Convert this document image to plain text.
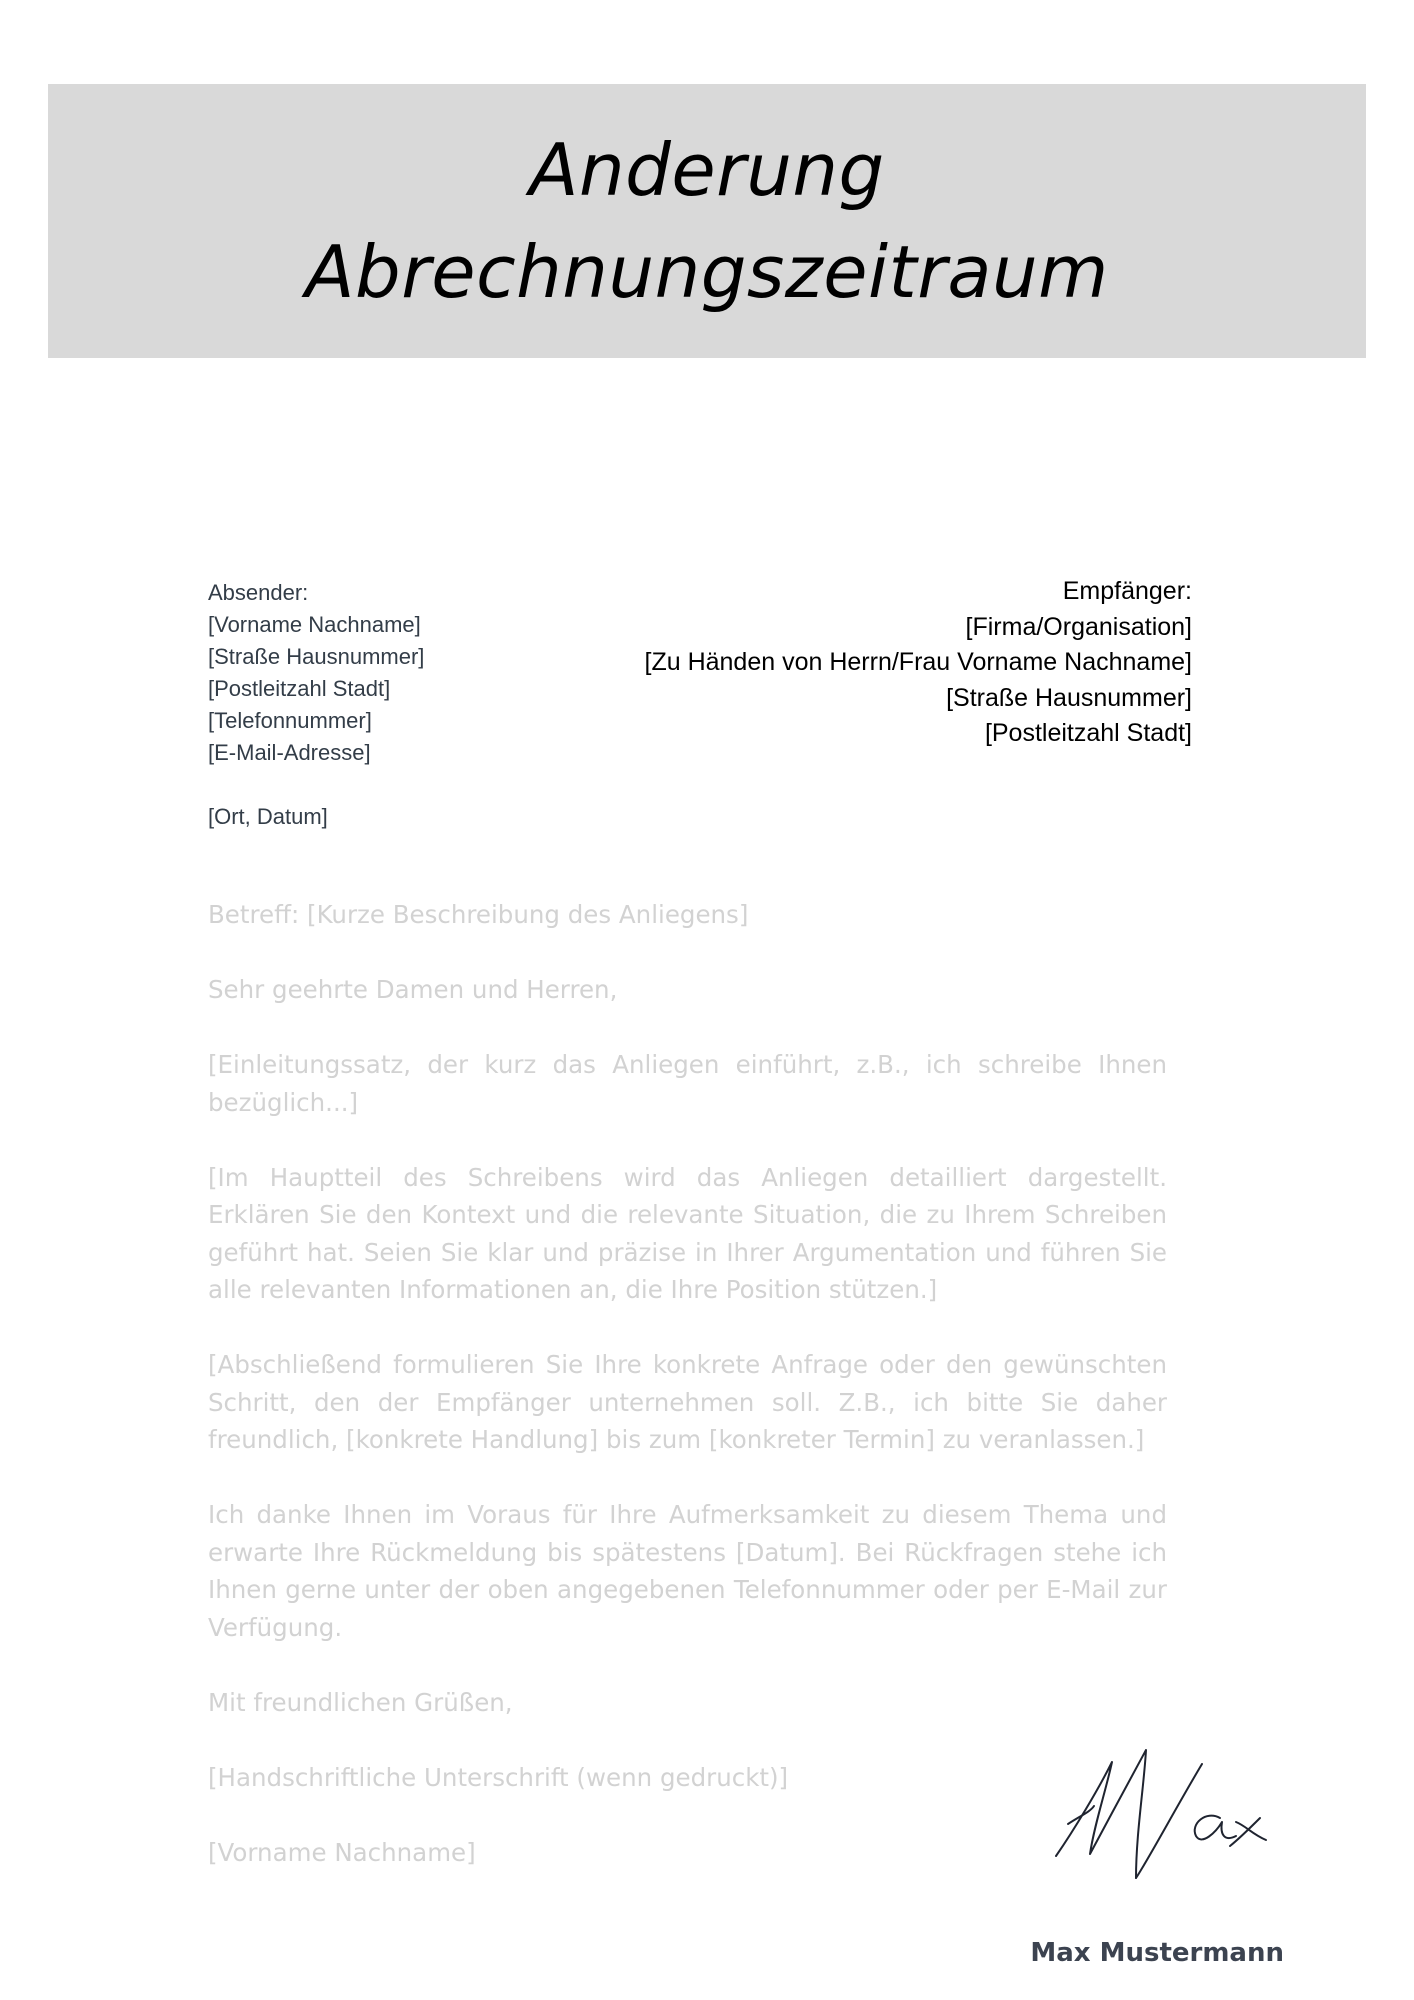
Anderung
Abrechnungszeitraum
Absender:
[Vorname Nachname]
[Straße Hausnummer]
[Postleitzahl Stadt]
[Telefonnummer]
[E-Mail-Adresse]
[Ort, Datum]
Empfänger:
[Firma/Organisation]
[Zu Händen von Herrn/Frau Vorname Nachname]
[Straße Hausnummer]
[Postleitzahl Stadt]

Betreff: [Kurze Beschreibung des Anliegens]

Sehr geehrte Damen und Herren,

[Einleitungssatz, der kurz das Anliegen einführt, z.B., ich schreibe Ihnen bezüglich...]

[Im Hauptteil des Schreibens wird das Anliegen detailliert dargestellt. Erklären Sie den Kontext und die relevante Situation, die zu Ihrem Schreiben geführt hat. Seien Sie klar und präzise in Ihrer Argumentation und führen Sie alle relevanten Informationen an, die Ihre Position stützen.]

[Abschließend formulieren Sie Ihre konkrete Anfrage oder den gewünschten Schritt, den der Empfänger unternehmen soll. Z.B., ich bitte Sie daher freundlich, [konkrete Handlung] bis zum [konkreter Termin] zu veranlassen.]

Ich danke Ihnen im Voraus für Ihre Aufmerksamkeit zu diesem Thema und erwarte Ihre Rückmeldung bis spätestens [Datum]. Bei Rückfragen stehe ich Ihnen gerne unter der oben angegebenen Telefonnummer oder per E-Mail zur Verfügung.

Mit freundlichen Grüßen,

[Handschriftliche Unterschrift (wenn gedruckt)]

[Vorname Nachname]

Max Mustermann
